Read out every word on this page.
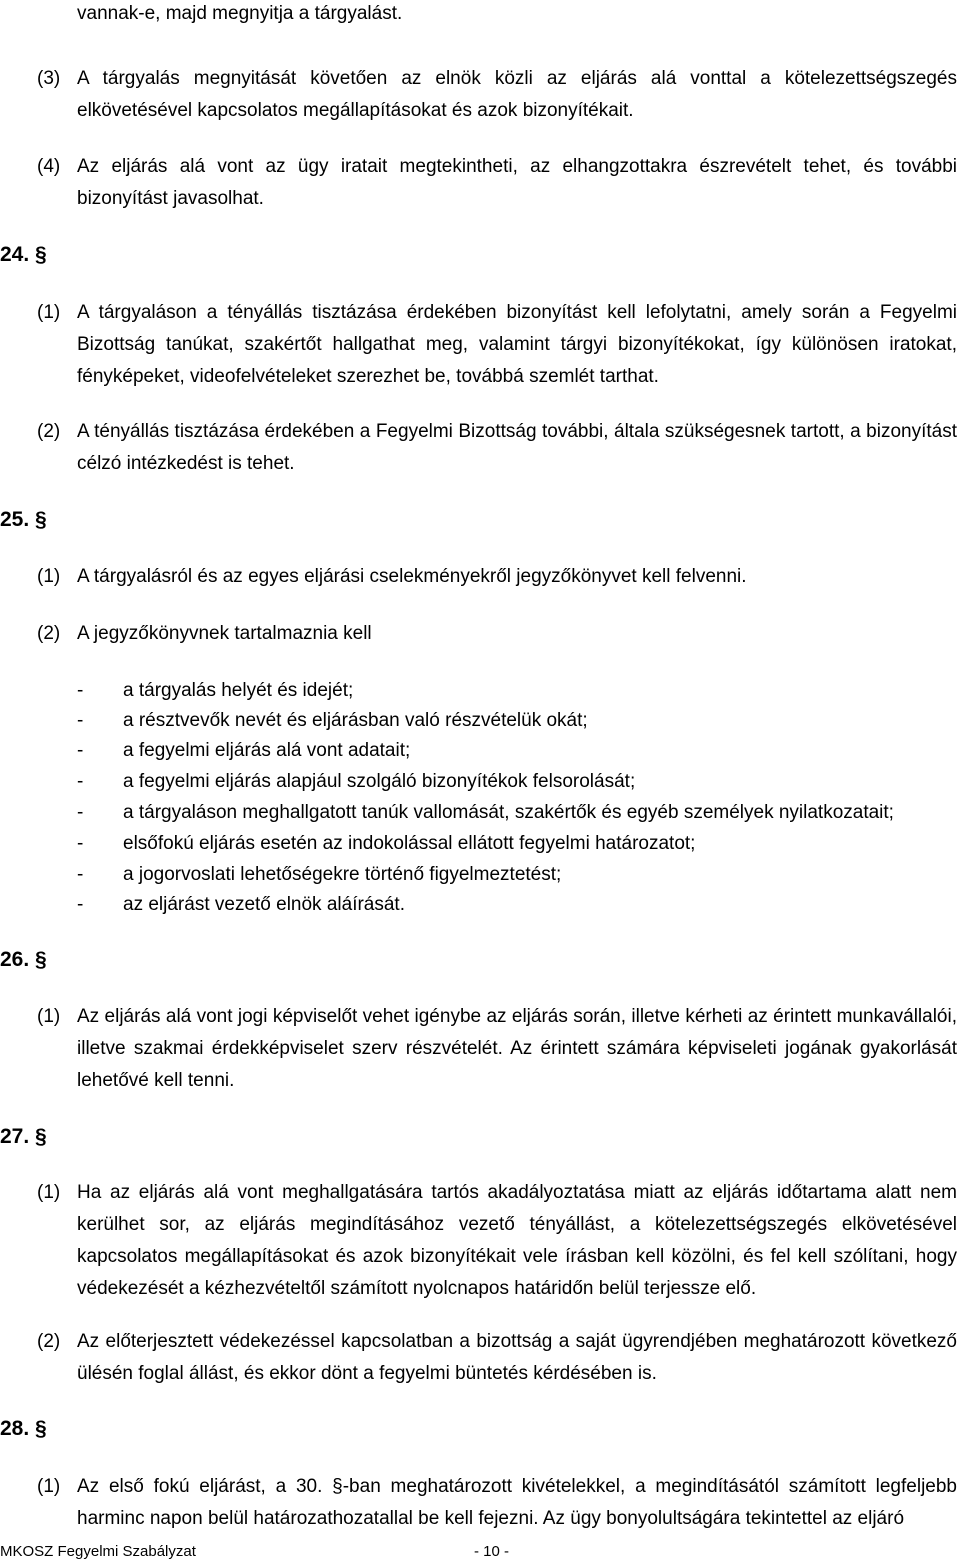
vannak-e, majd megnyitja a tárgyalást.
(3) A tárgyalás megnyitását követően az elnök közli az eljárás alá vonttal a kötelezettségszegés elkövetésével kapcsolatos megállapításokat és azok bizonyítékait.
(4) Az eljárás alá vont az ügy iratait megtekintheti, az elhangzottakra észrevételt tehet, és további bizonyítást javasolhat.
24. §
(1) A tárgyaláson a tényállás tisztázása érdekében bizonyítást kell lefolytatni, amely során a Fegyelmi Bizottság tanúkat, szakértőt hallgathat meg, valamint tárgyi bizonyítékokat, így különösen iratokat, fényképeket, videofelvételeket szerezhet be, továbbá szemlét tarthat.
(2) A tényállás tisztázása érdekében a Fegyelmi Bizottság további, általa szükségesnek tartott, a bizonyítást célzó intézkedést is tehet.
25. §
(1) A tárgyalásról és az egyes eljárási cselekményekről jegyzőkönyvet kell felvenni.
(2) A jegyzőkönyvnek tartalmaznia kell
- a tárgyalás helyét és idejét;
- a résztvevők nevét és eljárásban való részvételük okát;
- a fegyelmi eljárás alá vont adatait;
- a fegyelmi eljárás alapjául szolgáló bizonyítékok felsorolását;
- a tárgyaláson meghallgatott tanúk vallomását, szakértők és egyéb személyek nyilatkozatait;
- elsőfokú eljárás esetén az indokolással ellátott fegyelmi határozatot;
- a jogorvoslati lehetőségekre történő figyelmeztetést;
- az eljárást vezető elnök aláírását.
26. §
(1) Az eljárás alá vont jogi képviselőt vehet igénybe az eljárás során, illetve kérheti az érintett munkavállalói, illetve szakmai érdekképviselet szerv részvételét. Az érintett számára képviseleti jogának gyakorlását lehetővé kell tenni.
27. §
(1) Ha az eljárás alá vont meghallgatására tartós akadályoztatása miatt az eljárás időtartama alatt nem kerülhet sor, az eljárás megindításához vezető tényállást, a kötelezettségszegés elkövetésével kapcsolatos megállapításokat és azok bizonyítékait vele írásban kell közölni, és fel kell szólítani, hogy védekezését a kézhezvételtől számított nyolcnapos határidőn belül terjessze elő.
(2) Az előterjesztett védekezéssel kapcsolatban a bizottság a saját ügyrendjében meghatározott következő ülésén foglal állást, és ekkor dönt a fegyelmi büntetés kérdésében is.
28. §
(1) Az első fokú eljárást, a 30. §-ban meghatározott kivételekkel, a megindításától számított legfeljebb harminc napon belül határozathozatallal be kell fejezni. Az ügy bonyolultságára tekintettel az eljáró
MKOSZ Fegyelmi Szabályzat	- 10 -
